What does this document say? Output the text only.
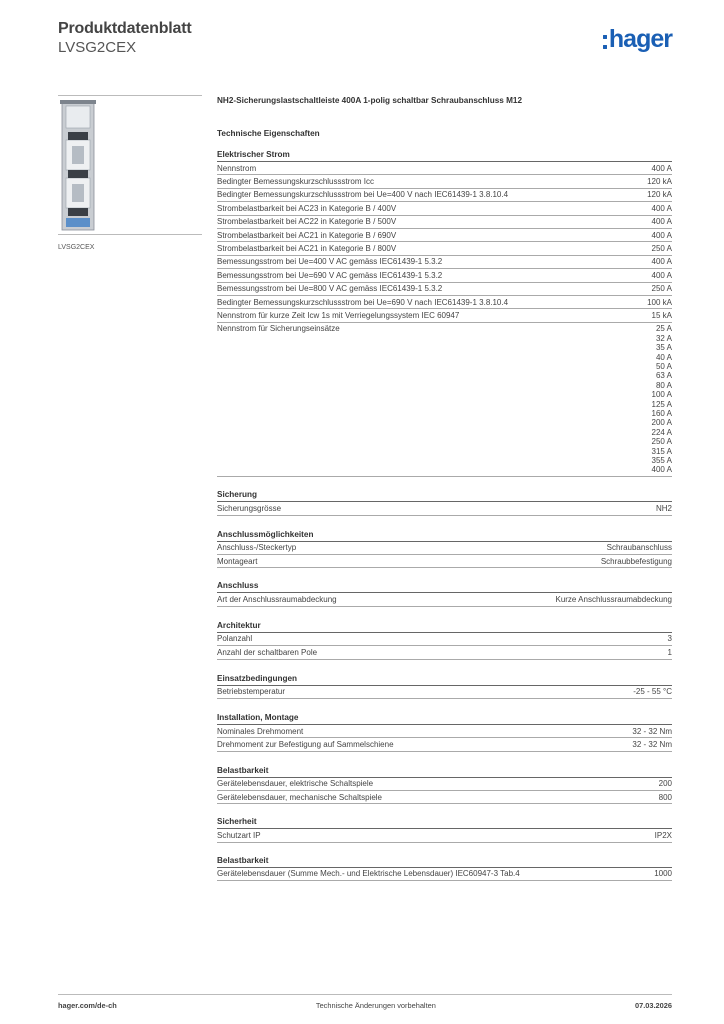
Produktdatenblatt
LVSG2CEX	hager
LVSG2CEX
NH2-Sicherungslastschaltleiste 400A 1-polig schaltbar Schraubanschluss M12
Technische Eigenschaften
Elektrischer Strom
Nennstrom	400 A
Bedingter Bemessungskurzschlussstrom Icc	120 kA
Bedingter Bemessungskurzschlussstrom bei Ue=400 V nach IEC61439-1 3.8.10.4	120 kA
Strombelastbarkeit bei AC23 in Kategorie B / 400V	400 A
Strombelastbarkeit bei AC22 in Kategorie B / 500V	400 A
Strombelastbarkeit bei AC21 in Kategorie B / 690V	400 A
Strombelastbarkeit bei AC21 in Kategorie B / 800V	250 A
Bemessungsstrom bei Ue=400 V AC gemäss IEC61439-1 5.3.2	400 A
Bemessungsstrom bei Ue=690 V AC gemäss IEC61439-1 5.3.2	400 A
Bemessungsstrom bei Ue=800 V AC gemäss IEC61439-1 5.3.2	250 A
Bedingter Bemessungskurzschlussstrom bei Ue=690 V nach IEC61439-1 3.8.10.4	100 kA
Nennstrom für kurze Zeit Icw 1s mit Verriegelungssystem IEC 60947	15 kA
Nennstrom für Sicherungseinsätze	25 A
32 A
35 A
40 A
50 A
63 A
80 A
100 A
125 A
160 A
200 A
224 A
250 A
315 A
355 A
400 A
Sicherung
Sicherungsgrösse	NH2
Anschlussmöglichkeiten
Anschluss-/Steckertyp	Schraubanschluss
Montageart	Schraubbefestigung
Anschluss
Art der Anschlussraumabdeckung	Kurze Anschlussraumabdeckung
Architektur
Polanzahl	3
Anzahl der schaltbaren Pole	1
Einsatzbedingungen
Betriebstemperatur	-25 - 55 °C
Installation, Montage
Nominales Drehmoment	32 - 32 Nm
Drehmoment zur Befestigung auf Sammelschiene	32 - 32 Nm
Belastbarkeit
Gerätelebensdauer, elektrische Schaltspiele	200
Gerätelebensdauer, mechanische Schaltspiele	800
Sicherheit
Schutzart IP	IP2X
Belastbarkeit
Gerätelebensdauer (Summe Mech.- und Elektrische Lebensdauer) IEC60947-3 Tab.4	1000
hager.com/de-ch	Technische Änderungen vorbehalten	07.03.2026
